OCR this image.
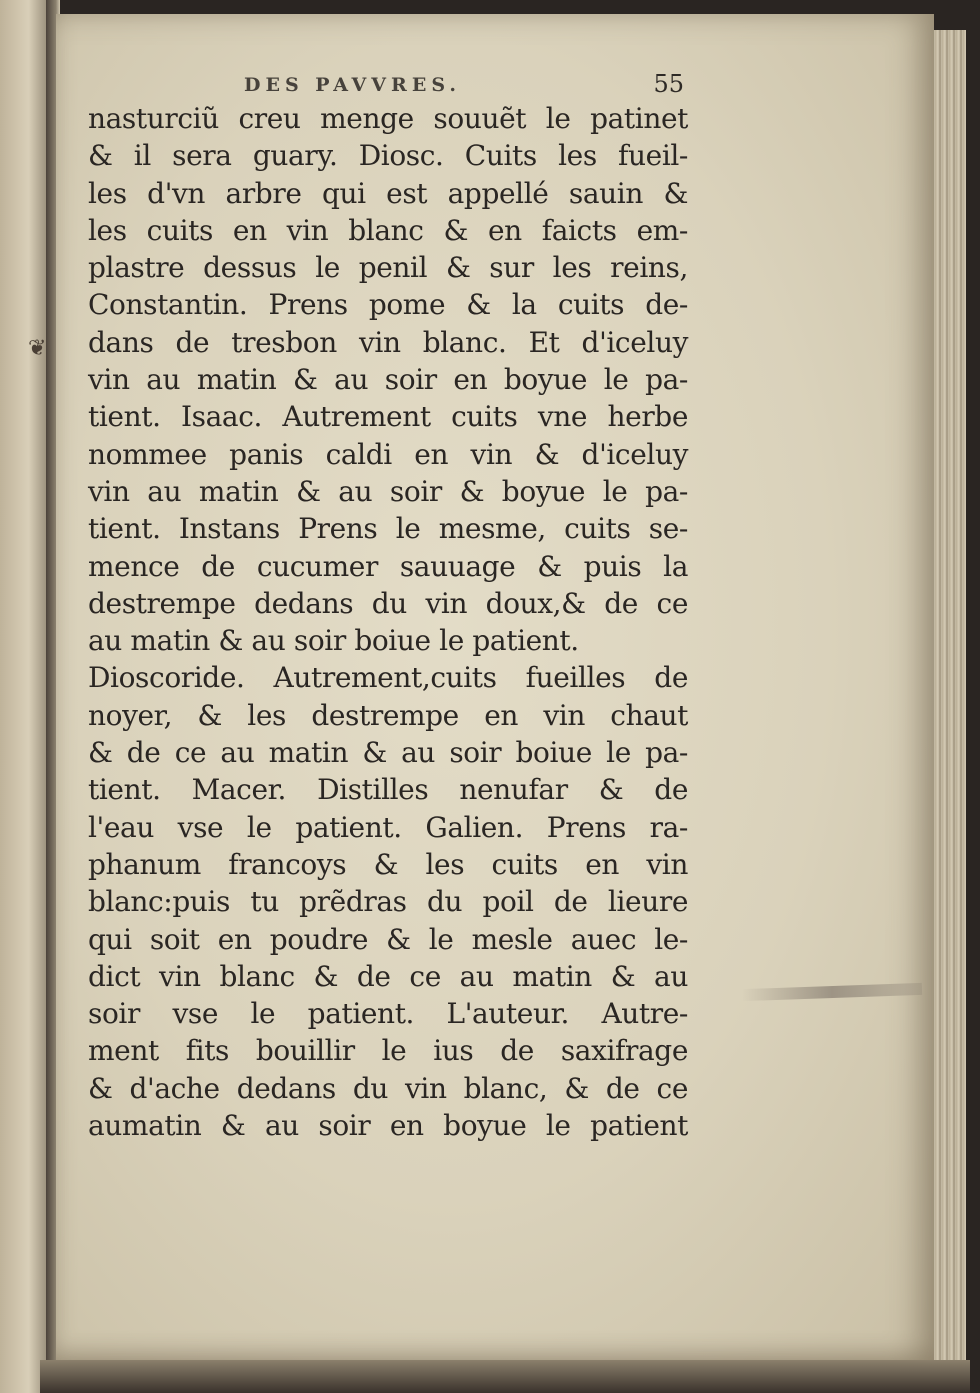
❦
DES PAVVRES.	55
nasturciũ creu menge souuẽt le patinet
& il sera guary. Diosc. Cuits les fueil-
les d'vn arbre qui est appellé sauin &
les cuits en vin blanc & en faicts em-
plastre dessus le penil & sur les reins,
Constantin. Prens pome & la cuits de-
dans de tresbon vin blanc. Et d'iceluy
vin au matin & au soir en boyue le pa-
tient. Isaac. Autrement cuits vne herbe
nommee panis caldi en vin & d'iceluy
vin au matin & au soir & boyue le pa-
tient. Instans Prens le mesme, cuits se-
mence de cucumer sauuage & puis la
destrempe dedans du vin doux,& de ce
au matin & au soir boiue le patient.
Dioscoride. Autrement,cuits fueilles de
noyer, & les destrempe en vin chaut
& de ce au matin & au soir boiue le pa-
tient. Macer. Distilles nenufar & de
l'eau vse le patient. Galien. Prens ra-
phanum francoys & les cuits en vin
blanc:puis tu prẽdras du poil de lieure
qui soit en poudre & le mesle auec le-
dict vin blanc & de ce au matin & au
soir vse le patient. L'auteur. Autre-
ment fits bouillir le ius de saxifrage
& d'ache dedans du vin blanc, & de ce
aumatin & au soir en boyue le patient
